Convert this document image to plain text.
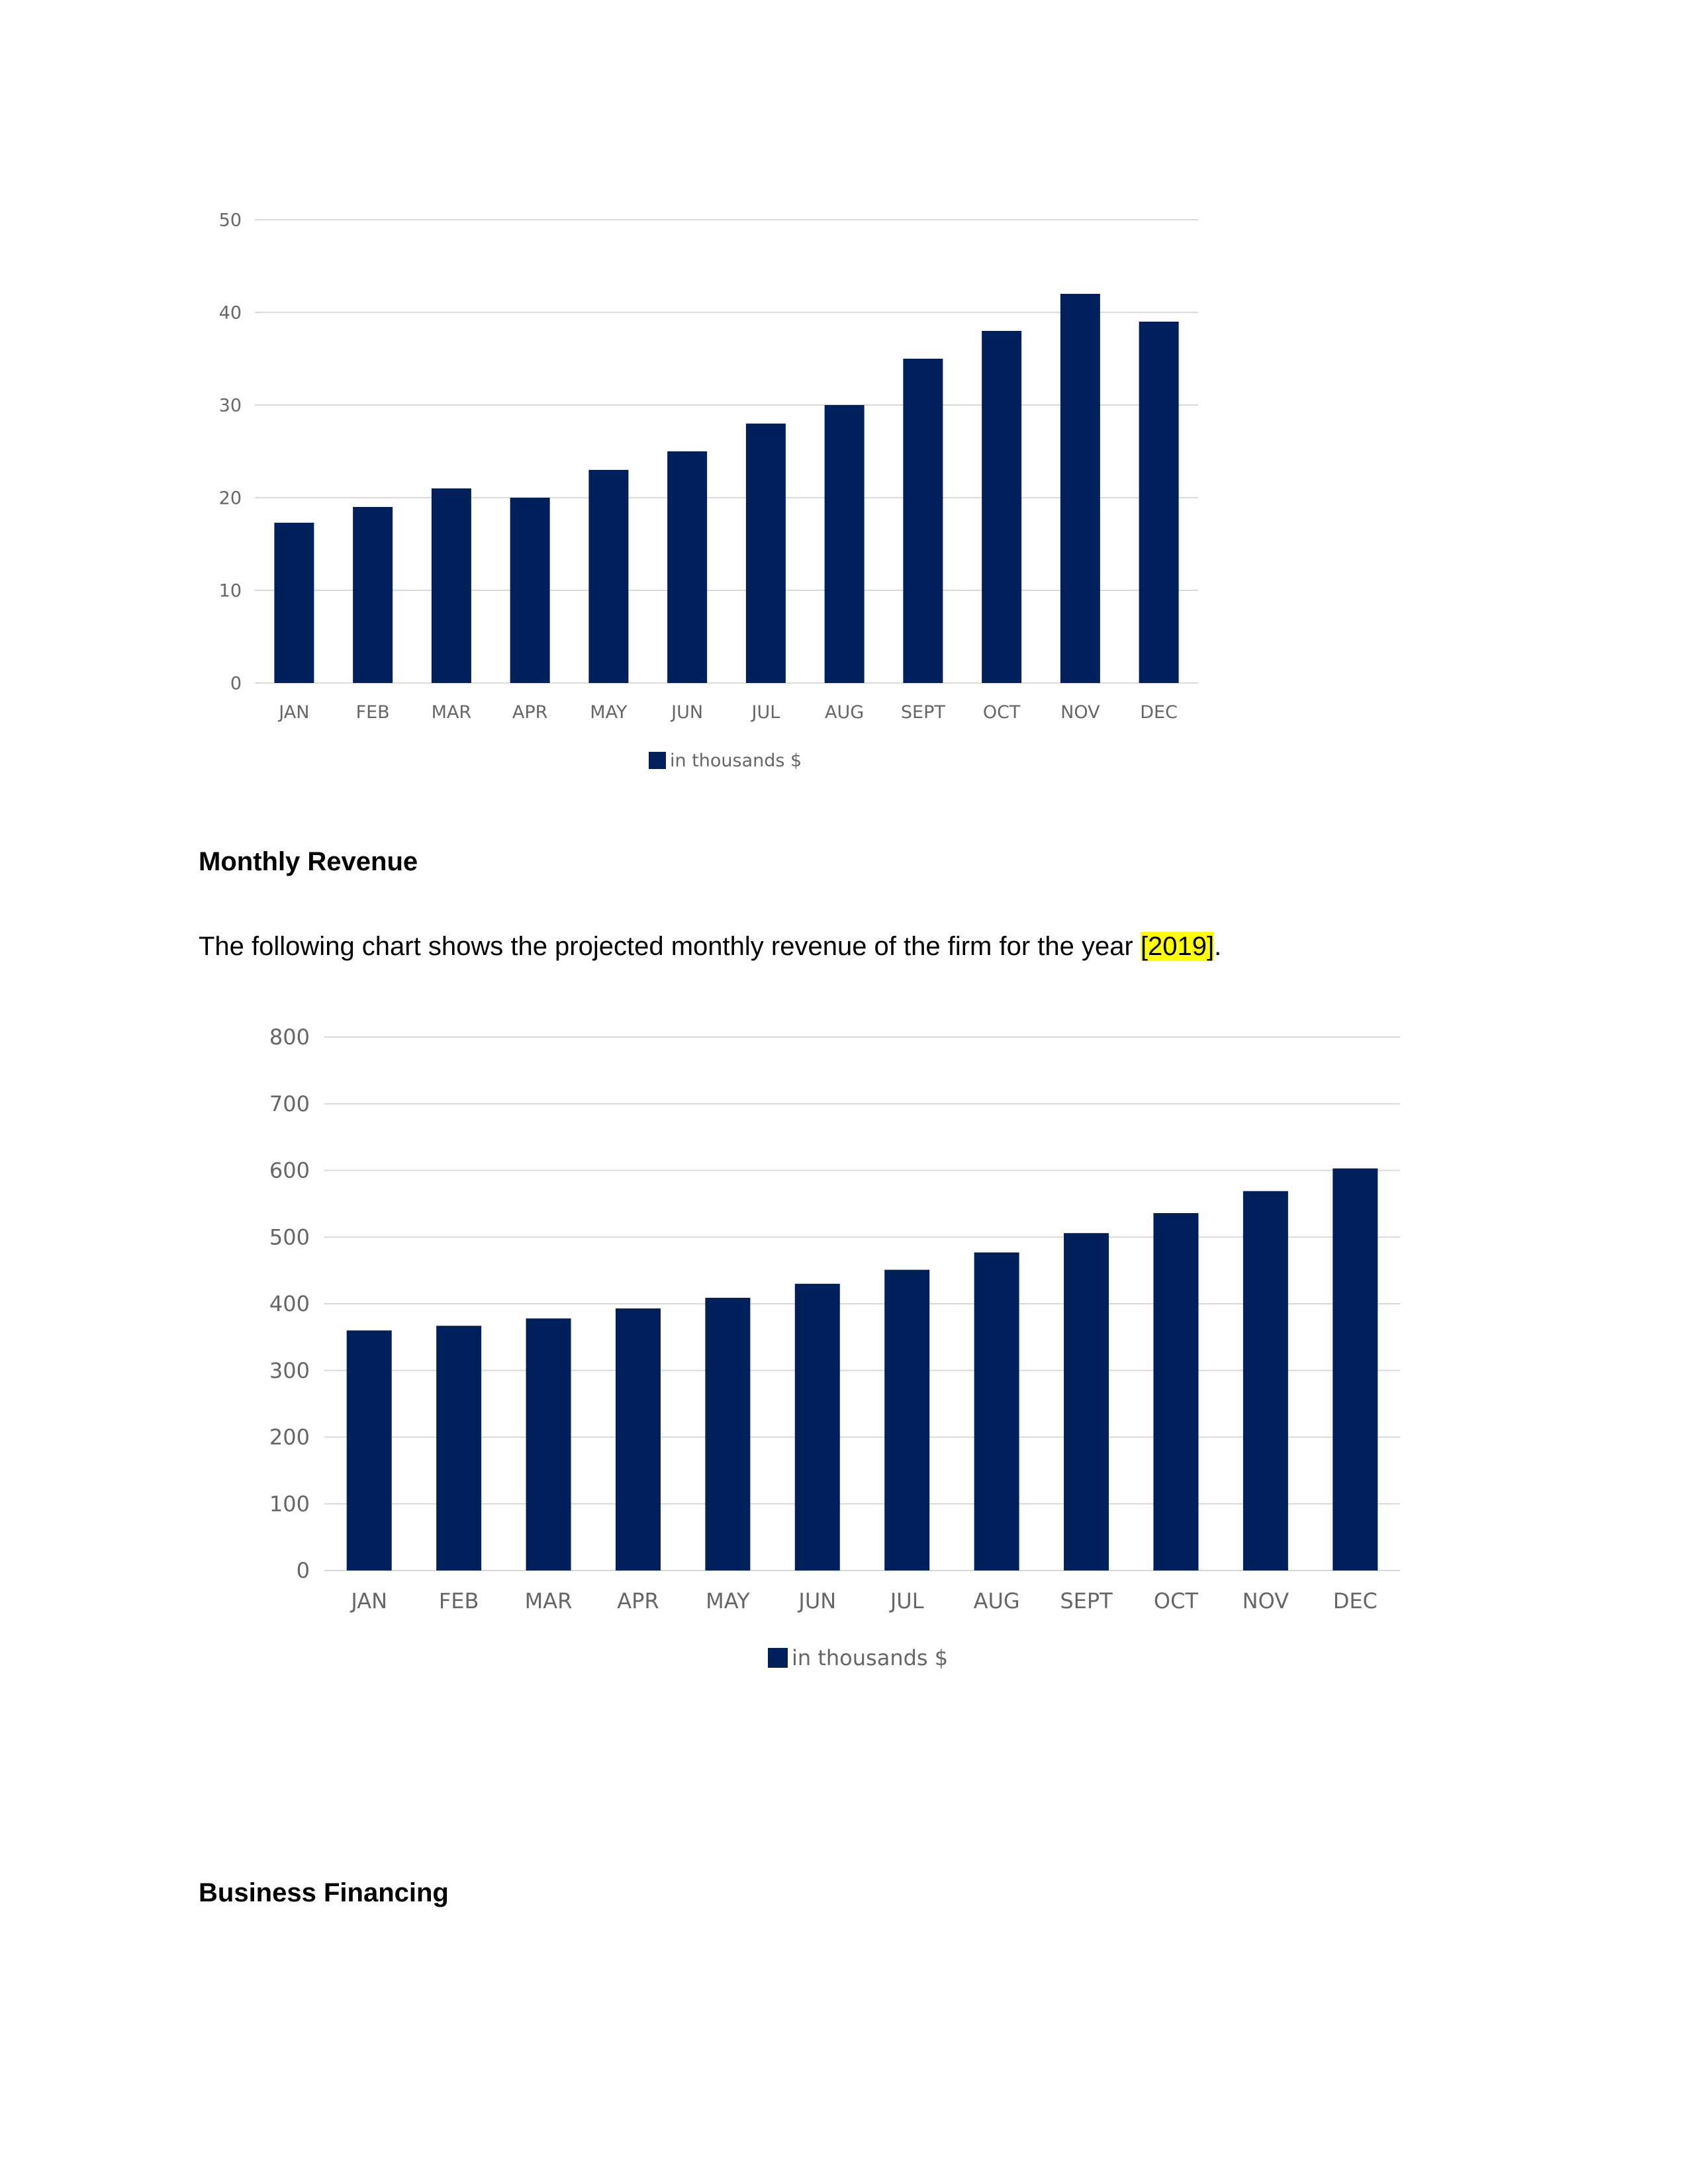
0
10
20
30
40
50
JAN	FEB MAR APR MAY JUN	JUL	AUG SEPT OCT NOV DEC
in thousands $
Monthly Revenue

The following chart shows the projected monthly revenue of the firm for the year [2019].

0
100
200
300
400
500
600
700
800
JAN FEB MAR APR MAY JUN	JUL AUG SEPT OCT NOV DEC
in thousands $
Business Financing
